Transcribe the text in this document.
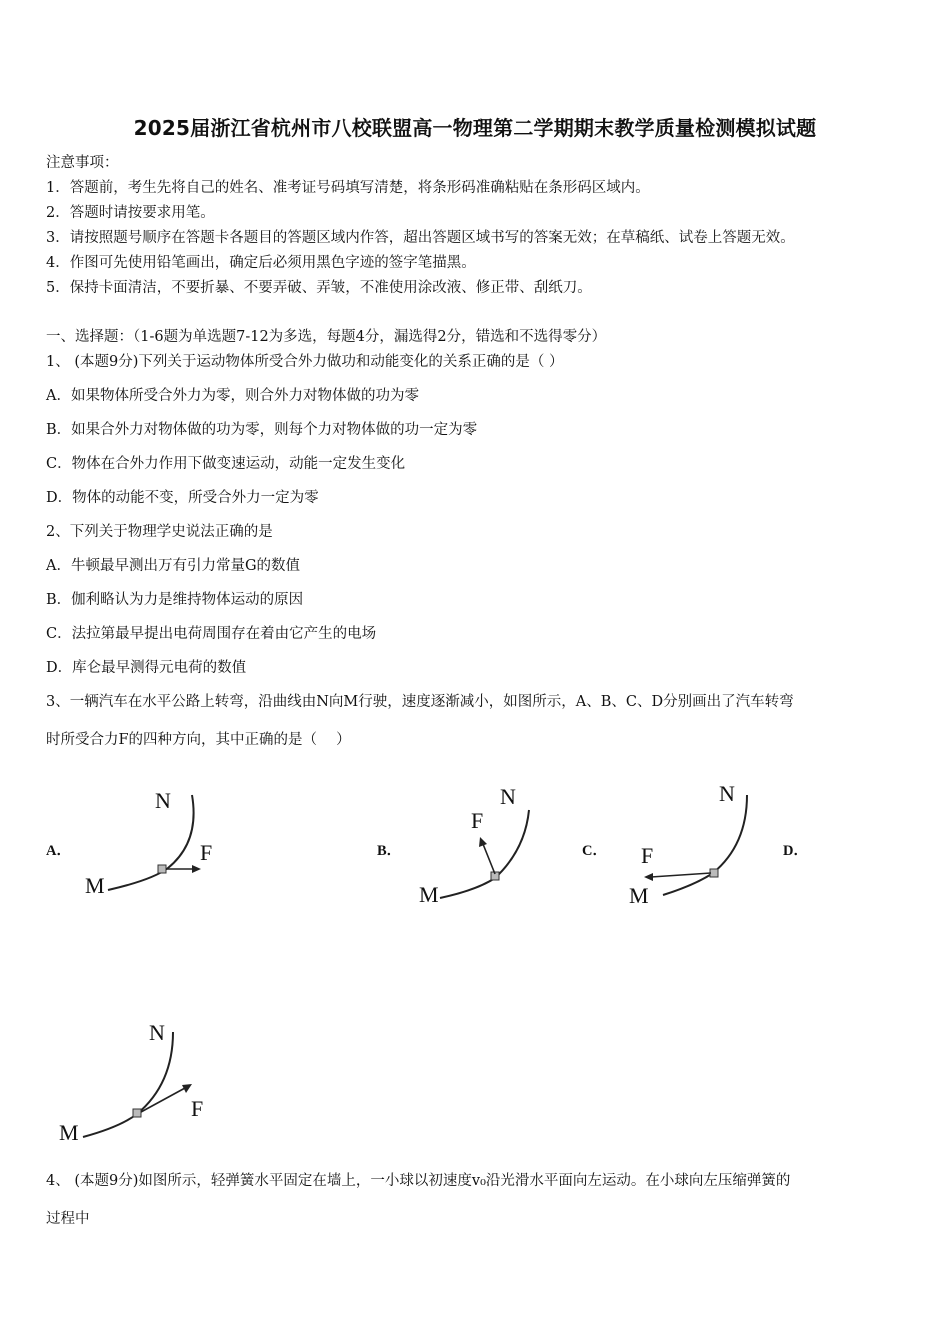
2025届浙江省杭州市八校联盟高一物理第二学期期末教学质量检测模拟试题
注意事项：
1．答题前，考生先将自己的姓名、准考证号码填写清楚，将条形码准确粘贴在条形码区域内。
2．答题时请按要求用笔。
3．请按照题号顺序在答题卡各题目的答题区域内作答，超出答题区域书写的答案无效；在草稿纸、试卷上答题无效。
4．作图可先使用铅笔画出，确定后必须用黑色字迹的签字笔描黑。
5．保持卡面清洁，不要折暴、不要弄破、弄皱，不准使用涂改液、修正带、刮纸刀。
一、选择题：（1-6题为单选题7-12为多选，每题4分，漏选得2分，错选和不选得零分）
1、 (本题9分)下列关于运动物体所受合外力做功和动能变化的关系正确的是（ ）
A．如果物体所受合外力为零，则合外力对物体做的功为零
B．如果合外力对物体做的功为零，则每个力对物体做的功一定为零
C．物体在合外力作用下做变速运动，动能一定发生变化
D．物体的动能不变，所受合外力一定为零
2、下列关于物理学史说法正确的是
A．牛顿最早测出万有引力常量G的数值
B．伽利略认为力是维持物体运动的原因
C．法拉第最早提出电荷周围存在着由它产生的电场
D．库仑最早测得元电荷的数值
3、一辆汽车在水平公路上转弯，沿曲线由N向M行驶，速度逐渐减小，如图所示，A、B、C、D分别画出了汽车转弯
时所受合力F的四种方向，其中正确的是（　 ）
A．	B．	C．	D．
N
M
F
N
M
F
N
M
F
N
M
F
4、 (本题9分)如图所示，轻弹簧水平固定在墙上，一小球以初速度v₀沿光滑水平面向左运动。在小球向左压缩弹簧的
过程中
